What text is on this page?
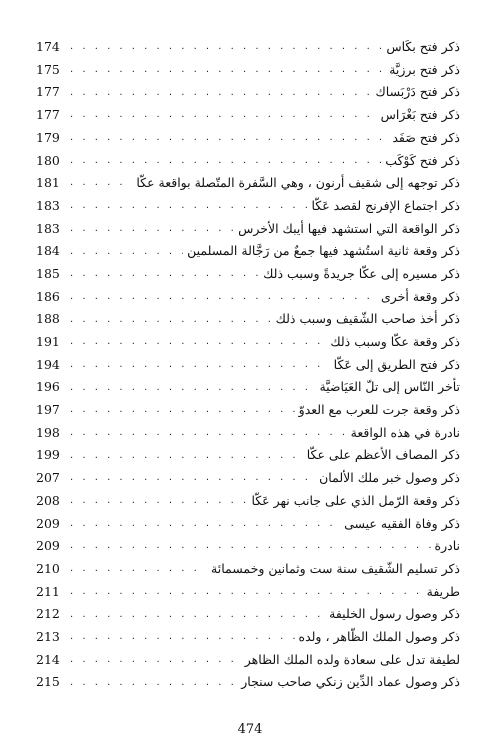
ذكر فتح بكَاس
. . .
174
ذكر فتح برزيَّة
. . .
175
ذكر فتح دَرْبَساك
. . .
177
ذكر فتح بَغْرَاس
. . .
177
ذكر فتح صَفَد
. . .
179
ذكر فتح كَوْكَب
. . .
180
ذكر توجهه إلى شقيف أرنون ، وهي السَّفرة المتّصلة بواقعة عكّا
. . .
181
ذكر اجتماع الإفرنج لقصد عَكّا
. . .
183
ذكر الواقعة التي استشهد فيها أيبك الأخرس
. . .
183
ذكر وقعة ثانية استُشهد فيها جمعٌ من رَجَّالة المسلمين
. . .
184
ذكر مسيره إلى عكّا جريدةً وسبب ذلك
. . .
185
ذكر وقعة أخرى
. . .
186
ذكر أخذ صاحب الشّقيف وسبب ذلك
. . .
188
ذكر وقعة عكّا وسبب ذلك
. . .
191
ذكر فتح الطريق إلى عَكّا
. . .
194
تأخر النّاس إلى تلّ العَيَاضيَّة
. . .
196
ذكر وقعة جرت للعرب مع العدوّ
. . .
197
نادرة في هذه الواقعة
. . .
198
ذكر المصاف الأعظم على عكّا
. . .
199
ذكر وصول خبر ملك الألمان
. . .
207
ذكر وقعة الرّمل الذي على جانب نهر عَكّا
. . .
208
ذكر وفاة الفقيه عيسى
. . .
209
نادرة
. . .
209
ذكر تسليم الشّقيف سنة ست وثمانين وخمسمائة
. . .
210
طريفة
. . .
211
ذكر وصول رسول الخليفة
. . .
212
ذكر وصول الملك الظّاهر ، ولده
. . .
213
لطيفة تدل على سعادة ولده الملك الظاهر
. . .
214
ذكر وصول عماد الدِّين زنكي صاحب سنجار
. . .
215
474
